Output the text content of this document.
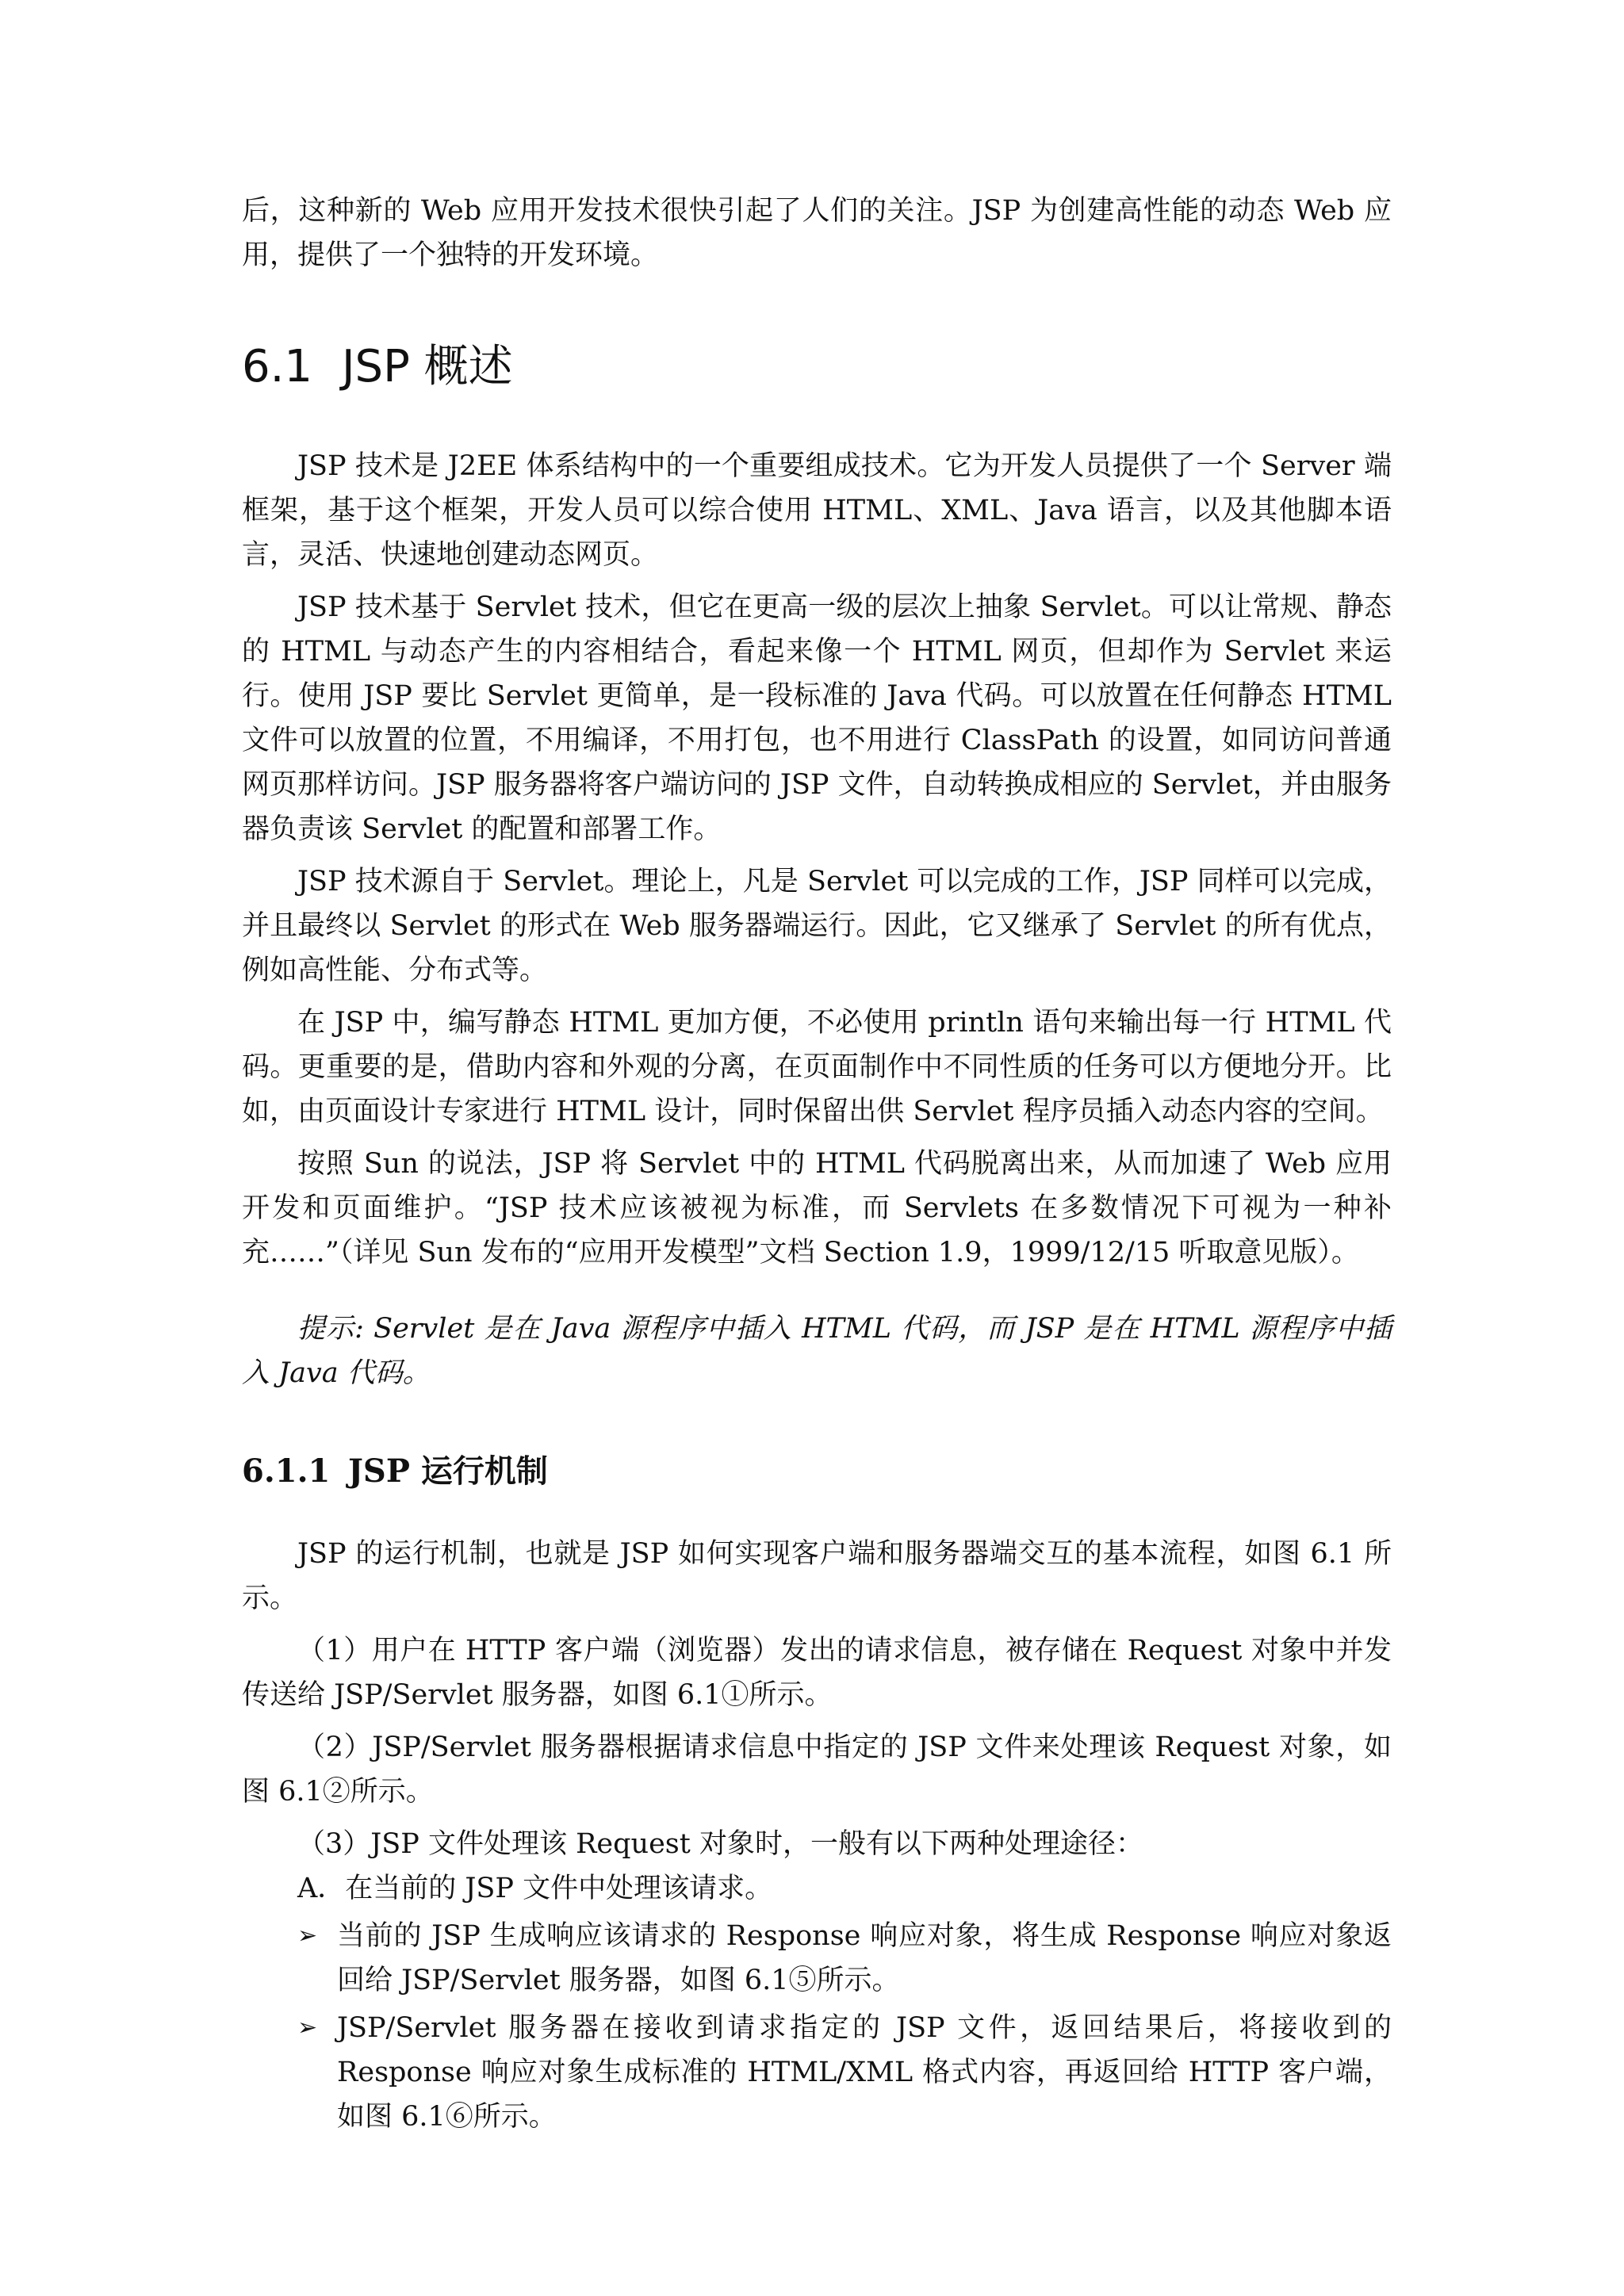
后，这种新的 Web 应用开发技术很快引起了人们的关注。JSP 为创建高性能的动态 Web 应用，提供了一个独特的开发环境。

6.1 JSP 概述

JSP 技术是 J2EE 体系结构中的一个重要组成技术。它为开发人员提供了一个 Server 端框架，基于这个框架，开发人员可以综合使用 HTML、XML、Java 语言，以及其他脚本语言，灵活、快速地创建动态网页。

JSP 技术基于 Servlet 技术，但它在更高一级的层次上抽象 Servlet。可以让常规、静态的 HTML 与动态产生的内容相结合，看起来像一个 HTML 网页，但却作为 Servlet 来运行。使用 JSP 要比 Servlet 更简单，是一段标准的 Java 代码。可以放置在任何静态 HTML 文件可以放置的位置，不用编译，不用打包，也不用进行 ClassPath 的设置，如同访问普通网页那样访问。JSP 服务器将客户端访问的 JSP 文件，自动转换成相应的 Servlet，并由服务器负责该 Servlet 的配置和部署工作。

JSP 技术源自于 Servlet。理论上，凡是 Servlet 可以完成的工作，JSP 同样可以完成，并且最终以 Servlet 的形式在 Web 服务器端运行。因此，它又继承了 Servlet 的所有优点，例如高性能、分布式等。

在 JSP 中，编写静态 HTML 更加方便，不必使用 println 语句来输出每一行 HTML 代码。更重要的是，借助内容和外观的分离，在页面制作中不同性质的任务可以方便地分开。比如，由页面设计专家进行 HTML 设计，同时保留出供 Servlet 程序员插入动态内容的空间。

按照 Sun 的说法，JSP 将 Servlet 中的 HTML 代码脱离出来，从而加速了 Web 应用开发和页面维护。“JSP 技术应该被视为标准，而 Servlets 在多数情况下可视为一种补充……”（详见 Sun 发布的“应用开发模型”文档 Section 1.9，1999/12/15 听取意见版）。

提示: Servlet 是在 Java 源程序中插入 HTML 代码，而 JSP 是在 HTML 源程序中插入 Java 代码。

6.1.1 JSP 运行机制

JSP 的运行机制，也就是 JSP 如何实现客户端和服务器端交互的基本流程，如图 6.1 所示。

（1）用户在 HTTP 客户端（浏览器）发出的请求信息，被存储在 Request 对象中并发传送给 JSP/Servlet 服务器，如图 6.1①所示。

（2）JSP/Servlet 服务器根据请求信息中指定的 JSP 文件来处理该 Request 对象，如图 6.1②所示。

（3）JSP 文件处理该 Request 对象时，一般有以下两种处理途径：

A．在当前的 JSP 文件中处理该请求。

➢ 当前的 JSP 生成响应该请求的 Response 响应对象，将生成 Response 响应对象返回给 JSP/Servlet 服务器，如图 6.1⑤所示。
➢ JSP/Servlet 服务器在接收到请求指定的 JSP 文件，返回结果后，将接收到的 Response 响应对象生成标准的 HTML/XML 格式内容，再返回给 HTTP 客户端，如图 6.1⑥所示。
